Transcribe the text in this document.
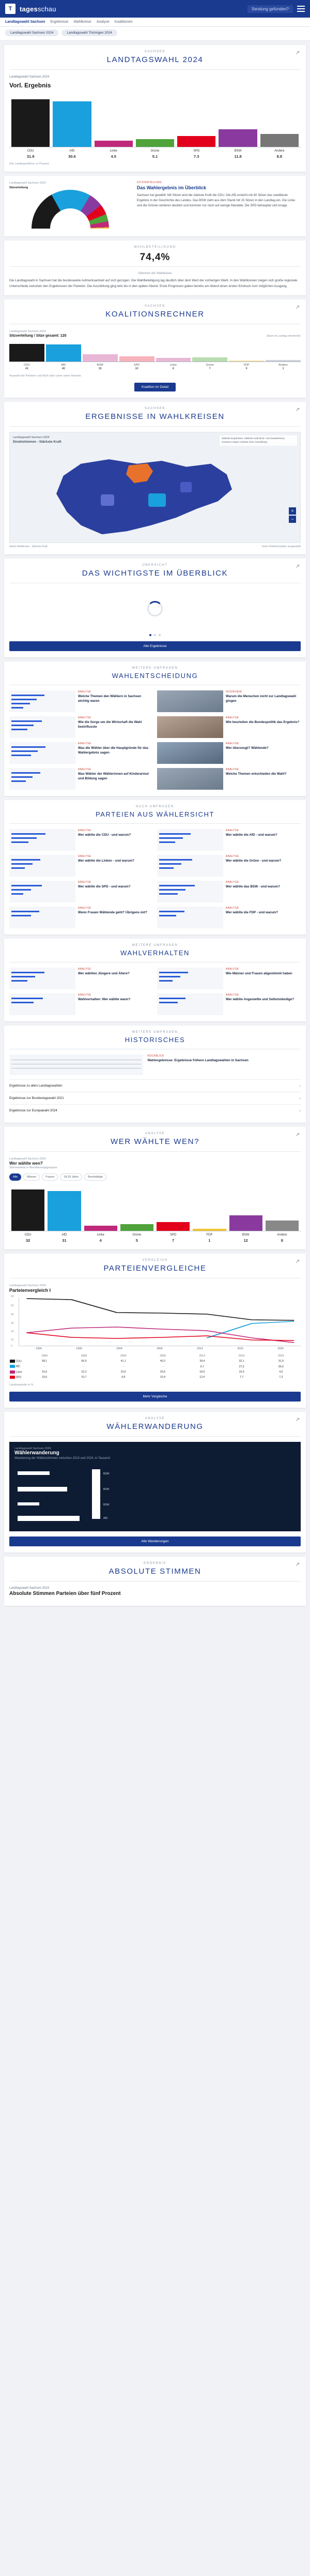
T	tagesschau	Sendung gefunden?
Landtagswahl Sachsen Ergebnisse Wahlkreise Analyse Koalitionen
Landtagswahl Sachsen 2024	Landtagswahl Thüringen 2024
↗
SACHSEN
LANDTAGSWAHL 2024
Landtagswahl Sachsen 2024
Vorl. Ergebnis
CDU
31.9
AfD
30.6
Linke
4.5
Grüne
5.1
SPD
7.3
BSW
11.8
Andere
8.8
Der Landesamtliche, in Prozent
Landtagswahl Sachsen 2024
Sitzverteilung
SITZVERTEILUNG
Das Wahlergebnis im Überblick

Sachsen hat gewählt. Mit Sitzen wird die stärkste Kraft die CDU. Die AfD erreicht mit 40 Sitzen das zweitbeste Ergebnis in der Geschichte des Landes. Das BSW zieht aus dem Stand mit 15 Sitzen in den Landtag ein. Die Linke und die Grünen verlieren deutlich und kommen nur noch auf wenige Mandate. Die SPD behauptet sich knapp.

WAHLBETEILIGUNG
74,4%
Stimmen der Wahlkreise

Die Landtagswahl in Sachsen hat die bundesweite Aufmerksamkeit auf sich gezogen. Die Wahlbeteiligung lag deutlich über dem Wert der vorherigen Wahl. In den Wahlkreisen zeigen sich große regionale Unterschiede zwischen den Ergebnissen der Parteien. Die Auszählung ging teils bis in den späten Abend. Erste Prognosen gaben bereits am Abend einen ersten Eindruck zum möglichen Ausgang.

↗
SACHSEN
KOALITIONSRECHNER
Landtagswahl Sachsen 2024
Sitzverteilung / Sitze gesamt: 120	Sitzen im Landtag erforderlich
CDU
41
AfD
40
BSW
15
SPD
10
Linke
6
Grüne
7
FDP
0
Andere
1
Auswahl der Parteien und Klick über unter unten Hinweis
Koalition im Detail
↗
SACHSEN
ERGEBNISSE IN WAHLKREISEN
Landtagswahl Sachsen 2024
Direktstimmen - Stärkste Kraft
Stärkste Ergebnisse: Stärkste Kraft (Erst- und Zweitstimme). Grautöne zeigen Gebiete ohne Auszählung.
+
−
Stand Wahlkreise - Stärkste Kraft	Keine Wahlkreisdaten ausgewählt
↗
ÜBERSICHT
DAS WICHTIGSTE IM ÜBERBLICK
Alle Ergebnisse
WEITERE UMFRAGEN
WAHLENTSCHEIDUNG
ANALYSE
Welche Themen den Wählern in Sachsen wichtig waren
INTERVIEW
Warum die Menschen nicht zur Landtagswahl gingen
ANALYSE
Wie die Sorge um die Wirtschaft die Wahl beeinflusste
ANALYSE
Wie beurteilen die Bundespolitik das Ergebnis?
ANALYSE
Was die Wähler über die Hauptgründe für das Wahlergebnis sagen
ANALYSE
Wer überzeugt? Wählende?
ANALYSE
Was Wähler der Wählerinnen auf Kinderarmut und Bildung sagen
ANALYSE
Welche Themen entschieden die Wahl?
NACH UMFRAGEN
PARTEIEN AUS WÄHLERSICHT
ANALYSE
Wer wählte die CDU - und warum?
ANALYSE
Wer wählte die AfD - und warum?
ANALYSE
Wer wählte die Linken - und warum?
ANALYSE
Wer wählte die Grüne - und warum?
ANALYSE
Wer wählte die SPD - und warum?
ANALYSE
Wer wählte das BSW - und warum?
ANALYSE
Wenn Frauen Wählende geht? Übrigens mit?
ANALYSE
Wer wählte die FDP - und warum?
WEITERE UMFRAGEN
WAHLVERHALTEN
ANALYSE
Wer wählten Jüngere und Ältere?
ANALYSE
Wie Männer und Frauen abgestimmt haben
ANALYSE
Wahlverhalten: Wer wählte wann?
ANALYSE
Wer wählte Angestellte und Selbstständige?
WEITERE UMFRAGEN
HISTORISCHES
RÜCKBLICK
Wahlergebnisse: Ergebnisse frühere Landtagswahlen in Sachsen
Ergebnisse zu allen Landtagswahlen	›
Ergebnisse zur Bundestagswahl 2021	›
Ergebnisse zur Europawahl 2024	›
↗
ANALYSE
WER WÄHLTE WEN?
Landtagswahl Sachsen 2024
Wer wählte wen?
Stimmanteile in Bevölkerungsgruppen
Alle	Männer	Frauen	18-29 Jahre	Berufstätige
CDU
32
AfD
31
Linke
4
Grüne
5
SPD
7
FDP
1
BSW
12
Andere
8
↗
VERGLEICH
PARTEIENVERGLEICHE
Landtagswahl Sachsen 2024
Parteienvergleich I
60
50
40
30
20
10
0
1994	1999	2004	2009	2014	2019	2024
	1994	1999	2004	2009	2014	2019	2024
CDU	58,1	56,9	41,1	40,2	39,4	32,1	31,9
AfD	-	-	-	-	9,7	27,5	30,6
Linke	16,5	22,2	23,6	20,6	18,9	10,4	4,5
SPD	16,6	10,7	9,8	10,4	12,4	7,7	7,3
Landesanteile in %
Mehr Vergleiche
↗
ANALYSE
WÄHLERWANDERUNG
Landtagswahl Sachsen 2024
Wählerwanderung
Wanderung der Wählerstimmen zwischen 2019 und 2024, in Tausend
BSW
BSW
BSW
AfD
Alle Wanderungen
↗
ERGEBNIS
ABSOLUTE STIMMEN
Landtagswahl Sachsen 2024
Absolute Stimmen Parteien über fünf Prozent
